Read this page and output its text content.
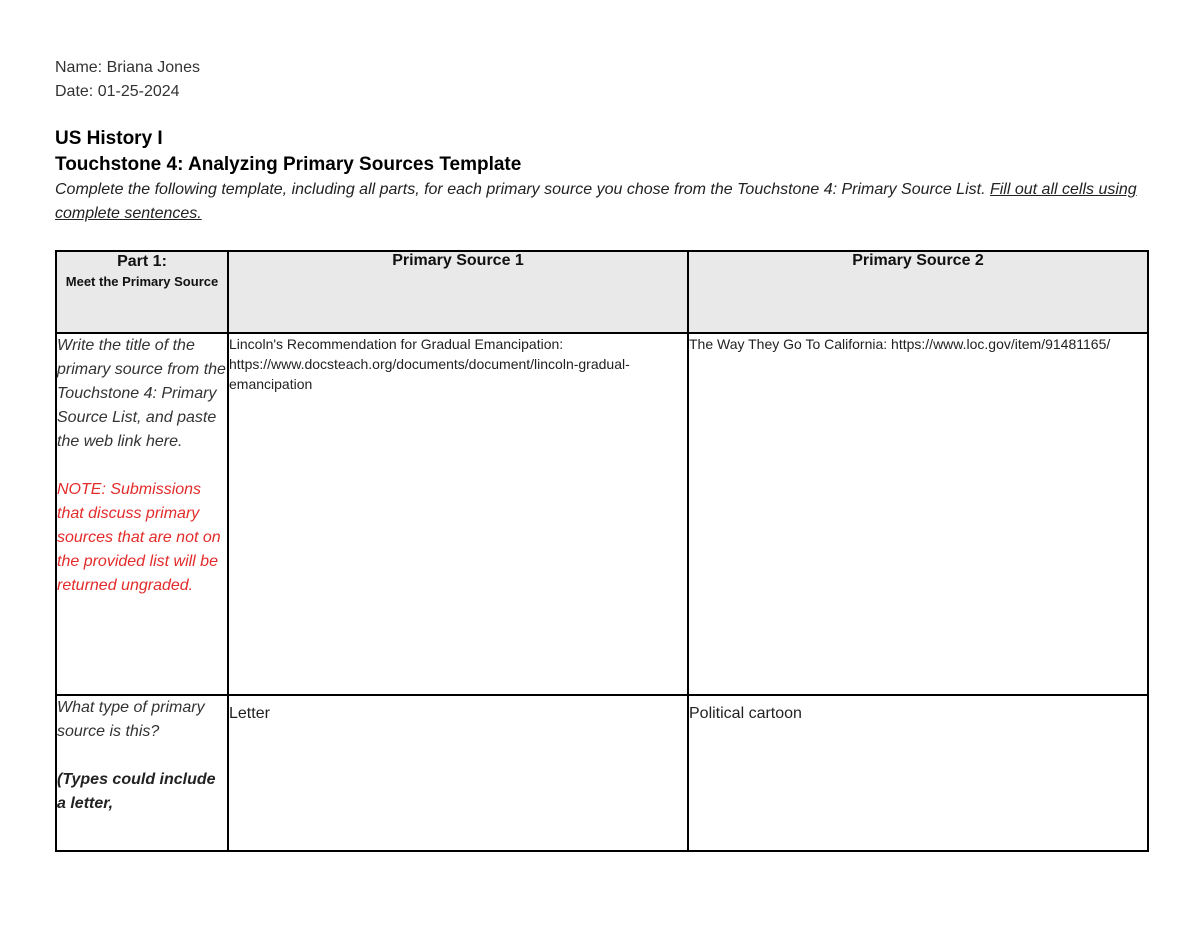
Name: Briana Jones
Date: 01-25-2024
US History I
Touchstone 4: Analyzing Primary Sources Template
Complete the following template, including all parts, for each primary source you chose from the Touchstone 4: Primary Source List. Fill out all cells using complete sentences.
Part 1:
Meet the Primary Source	Primary Source 1	Primary Source 2

Write the title of the primary source from the Touchstone 4: Primary Source List, and paste the web link here.
NOTE: Submissions that discuss primary sources that are not on the provided list will be returned ungraded.	Lincoln's Recommendation for Gradual Emancipation: https://www.docsteach.org/documents/document/lincoln-gradual-emancipation	The Way They Go To California: https://www.loc.gov/item/91481165/

What type of primary source is this?
(Types could include a letter,	Letter	Political cartoon
